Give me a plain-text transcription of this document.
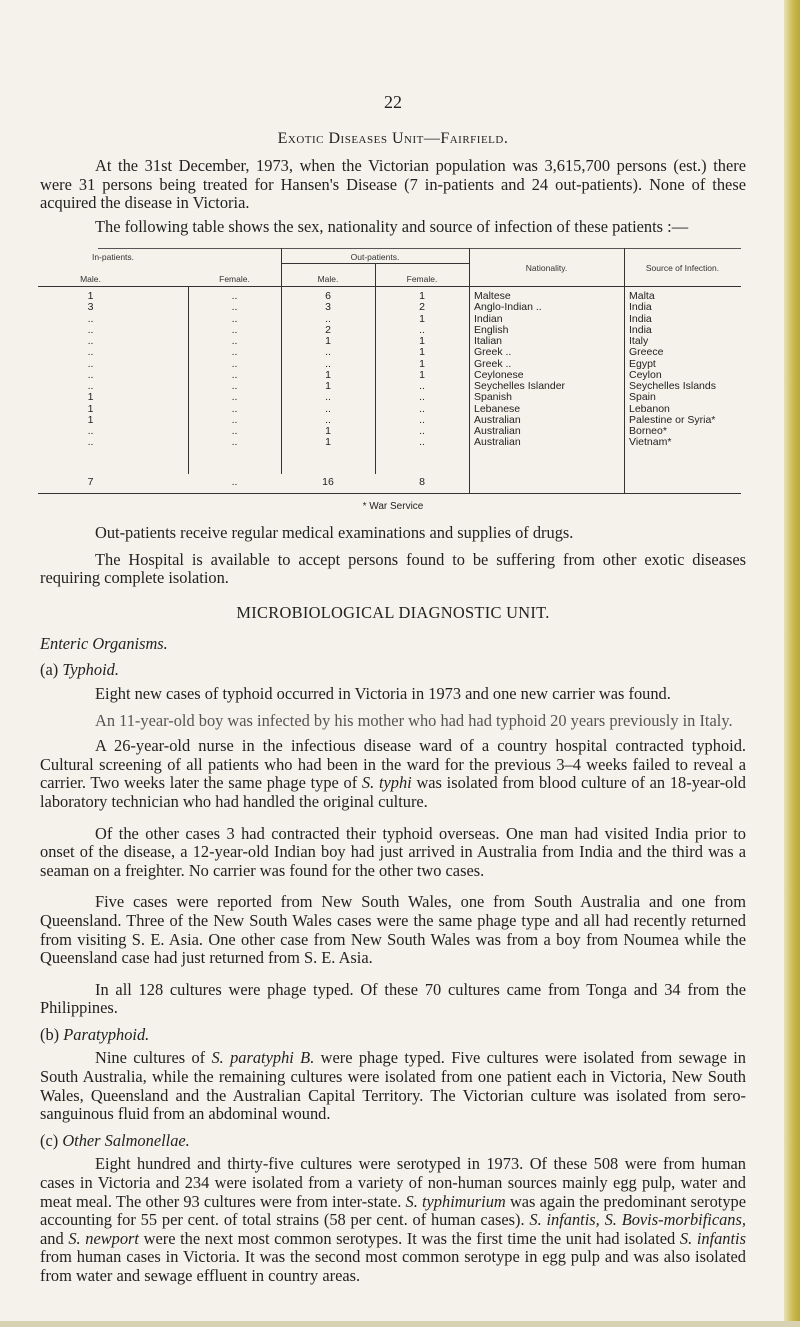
22
Exotic Diseases Unit—Fairfield.

At the 31st December, 1973, when the Victorian population was 3,615,700 persons (est.) there were 31 persons being treated for Hansen's Disease (7 in-patients and 24 out-patients). None of these acquired the disease in Victoria.

The following table shows the sex, nationality and source of infection of these patients :—

In-patients.	Out-patients.
Male.	Female.	Male.	Female.
Nationality.	Source of Infection.
1	..	6	1	Maltese	Malta
3	..	3	2	Anglo-Indian ..	India
..	..	..	1	Indian	India
..	..	2	..	English	India
..	..	1	1	Italian	Italy
..	..	..	1	Greek ..	Greece
..	..	..	1	Greek ..	Egypt
..	..	1	1	Ceylonese	Ceylon
..	..	1	..	Seychelles Islander	Seychelles Islands
1	..	..	..	Spanish	Spain
1	..	..	..	Lebanese	Lebanon
1	..	..	..	Australian	Palestine or Syria*
..	..	1	..	Australian	Borneo*
..	..	1	..	Australian	Vietnam*
7	..	16	8
* War Service

Out-patients receive regular medical examinations and supplies of drugs.

The Hospital is available to accept persons found to be suffering from other exotic diseases requiring complete isolation.

MICROBIOLOGICAL DIAGNOSTIC UNIT.

Enteric Organisms.

(a) Typhoid.

Eight new cases of typhoid occurred in Victoria in 1973 and one new carrier was found.

An 11-year-old boy was infected by his mother who had had typhoid 20 years previously in Italy.

A 26-year-old nurse in the infectious disease ward of a country hospital contracted typhoid. Cultural screening of all patients who had been in the ward for the previous 3–4 weeks failed to reveal a carrier. Two weeks later the same phage type of S. typhi was isolated from blood culture of an 18-year-old laboratory technician who had handled the original culture.

Of the other cases 3 had contracted their typhoid overseas. One man had visited India prior to onset of the disease, a 12-year-old Indian boy had just arrived in Australia from India and the third was a seaman on a freighter. No carrier was found for the other two cases.

Five cases were reported from New South Wales, one from South Australia and one from Queensland. Three of the New South Wales cases were the same phage type and all had recently returned from visiting S. E. Asia. One other case from New South Wales was from a boy from Noumea while the Queensland case had just returned from S. E. Asia.

In all 128 cultures were phage typed. Of these 70 cultures came from Tonga and 34 from the Philippines.

(b) Paratyphoid.

Nine cultures of S. paratyphi B. were phage typed. Five cultures were isolated from sewage in South Australia, while the remaining cultures were isolated from one patient each in Victoria, New South Wales, Queensland and the Australian Capital Territory. The Victorian culture was isolated from sero-sanguinous fluid from an abdominal wound.

(c) Other Salmonellae.

Eight hundred and thirty-five cultures were serotyped in 1973. Of these 508 were from human cases in Victoria and 234 were isolated from a variety of non-human sources mainly egg pulp, water and meat meal. The other 93 cultures were from inter-state. S. typhimurium was again the predominant serotype accounting for 55 per cent. of total strains (58 per cent. of human cases). S. infantis, S. Bovis-morbificans, and S. newport were the next most common serotypes. It was the first time the unit had isolated S. infantis from human cases in Victoria. It was the second most common serotype in egg pulp and was also isolated from water and sewage effluent in country areas.
